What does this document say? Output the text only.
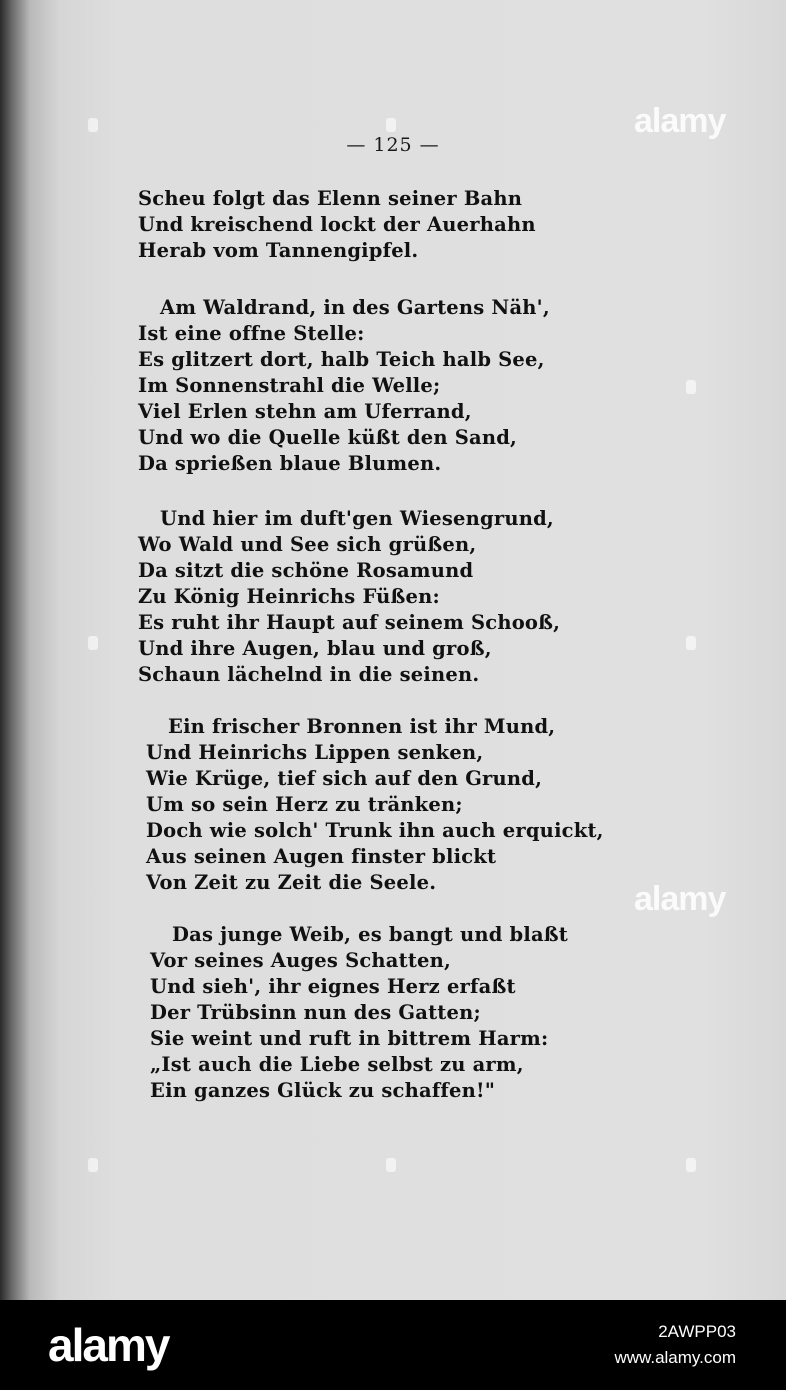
— 125 —

Scheu folgt das Elenn seiner Bahn
Und kreischend lockt der Auerhahn
Herab vom Tannengipfel.
Am Waldrand, in des Gartens Näh',
Ist eine offne Stelle:
Es glitzert dort, halb Teich halb See,
Im Sonnenstrahl die Welle;
Viel Erlen stehn am Uferrand,
Und wo die Quelle küßt den Sand,
Da sprießen blaue Blumen.
Und hier im duft'gen Wiesengrund,
Wo Wald und See sich grüßen,
Da sitzt die schöne Rosamund
Zu König Heinrichs Füßen:
Es ruht ihr Haupt auf seinem Schooß,
Und ihre Augen, blau und groß,
Schaun lächelnd in die seinen.
Ein frischer Bronnen ist ihr Mund,
Und Heinrichs Lippen senken,
Wie Krüge, tief sich auf den Grund,
Um so sein Herz zu tränken;
Doch wie solch' Trunk ihn auch erquickt,
Aus seinen Augen finster blickt
Von Zeit zu Zeit die Seele.
Das junge Weib, es bangt und blaßt
Vor seines Auges Schatten,
Und sieh', ihr eignes Herz erfaßt
Der Trübsinn nun des Gatten;
Sie weint und ruft in bittrem Harm:
„Ist auch die Liebe selbst zu arm,
Ein ganzes Glück zu schaffen!"
alamy
alamy
alamy	2AWPP03
www.alamy.com
